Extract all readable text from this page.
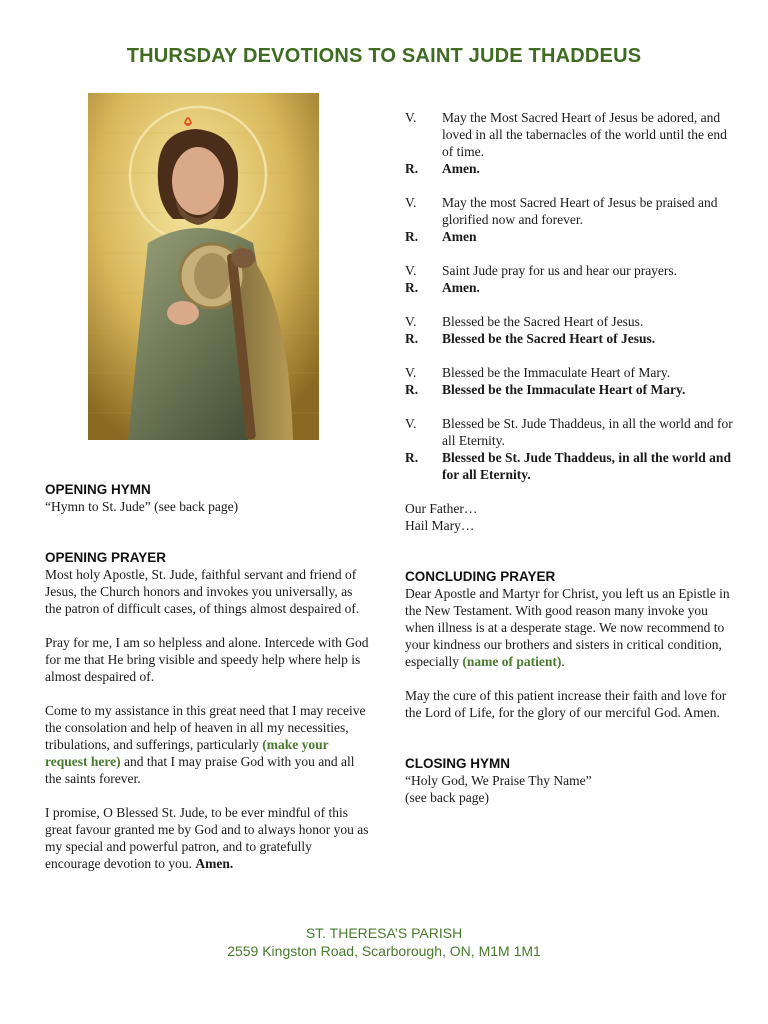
THURSDAY DEVOTIONS TO SAINT JUDE THADDEUS
OPENING HYMN

“Hymn to St. Jude” (see back page)

OPENING PRAYER

Most holy Apostle, St. Jude, faithful servant and friend of Jesus, the Church honors and invokes you universally, as the patron of difficult cases, of things almost despaired of.

Pray for me, I am so helpless and alone. Intercede with God for me that He bring visible and speedy help where help is almost despaired of.

Come to my assistance in this great need that I may receive the consolation and help of heaven in all my necessities, tribulations, and sufferings, particularly (make your request here) and that I may praise God with you and all the saints forever.

I promise, O Blessed St. Jude, to be ever mindful of this great favour granted me by God and to always honor you as my special and powerful patron, and to gratefully encourage devotion to you. Amen.

V.	May the Most Sacred Heart of Jesus be adored, and loved in all the tabernacles of the world until the end of time.
R.	Amen.
V.	May the most Sacred Heart of Jesus be praised and glorified now and forever.
R.	Amen
V.	Saint Jude pray for us and hear our prayers.
R.	Amen.
V.	Blessed be the Sacred Heart of Jesus.
R.	Blessed be the Sacred Heart of Jesus.
V.	Blessed be the Immaculate Heart of Mary.
R.	Blessed be the Immaculate Heart of Mary.
V.	Blessed be St. Jude Thaddeus, in all the world and for all Eternity.
R.	Blessed be St. Jude Thaddeus, in all the world and for all Eternity.

Our Father…

Hail Mary…

CONCLUDING PRAYER

Dear Apostle and Martyr for Christ, you left us an Epistle in the New Testament. With good reason many invoke you when illness is at a desperate stage. We now recommend to your kindness our brothers and sisters in critical condition, especially (name of patient).

May the cure of this patient increase their faith and love for the Lord of Life, for the glory of our merciful God. Amen.

CLOSING HYMN

“Holy God, We Praise Thy Name”

(see back page)

ST. THERESA’S PARISH
2559 Kingston Road, Scarborough, ON, M1M 1M1
